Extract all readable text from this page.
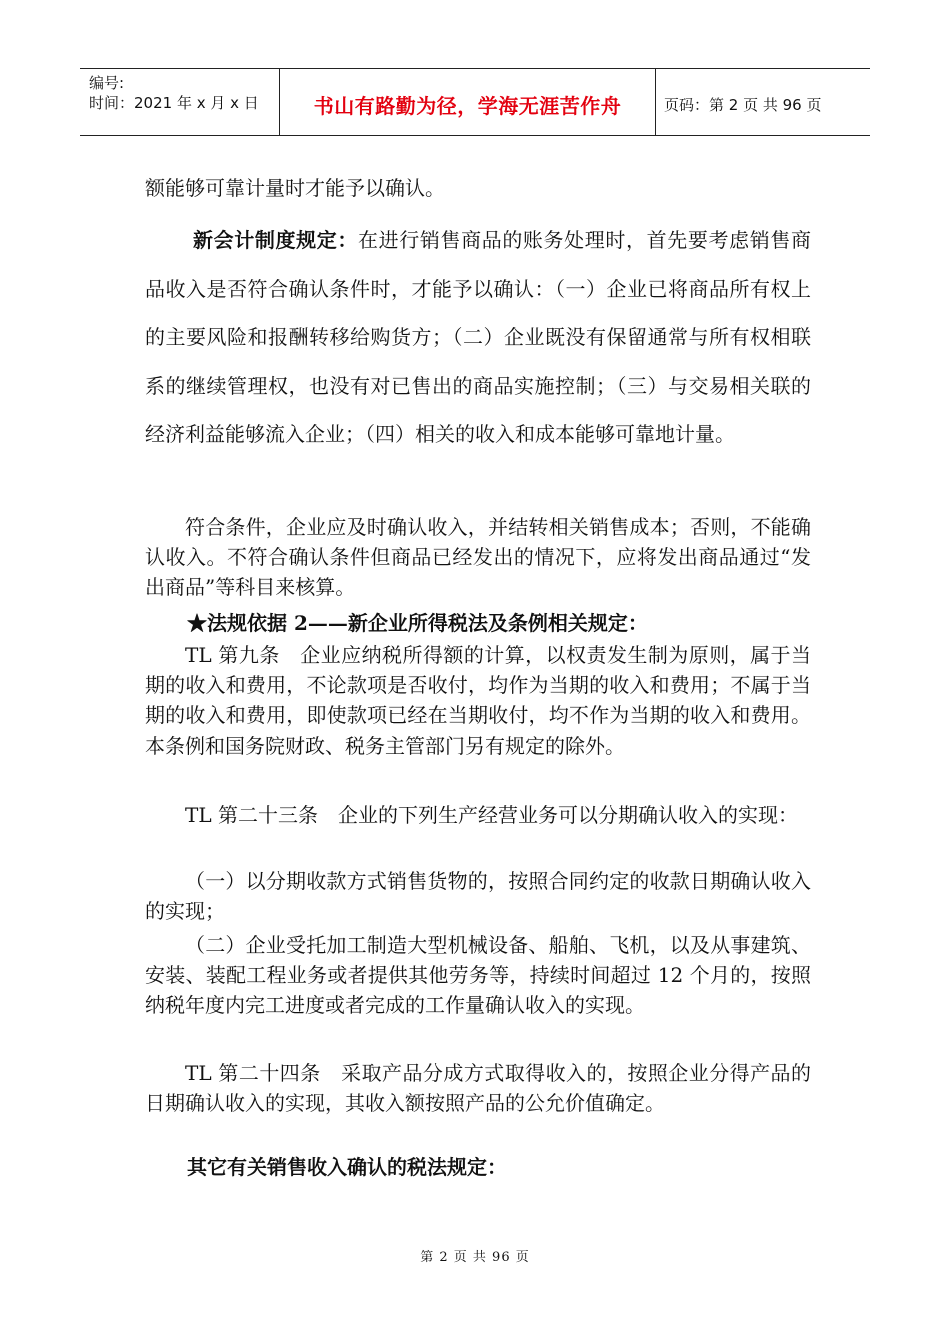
编号:
时间：2021 年 x 月 x 日	书山有路勤为径，学海无涯苦作舟	页码：第 2 页 共 96 页

额能够可靠计量时才能予以确认。

新会计制度规定：在进行销售商品的账务处理时，首先要考虑销售商品收入是否符合确认条件时，才能予以确认：（一）企业已将商品所有权上的主要风险和报酬转移给购货方；（二）企业既没有保留通常与所有权相联系的继续管理权，也没有对已售出的商品实施控制；（三）与交易相关联的经济利益能够流入企业；（四）相关的收入和成本能够可靠地计量。

符合条件，企业应及时确认收入，并结转相关销售成本；否则，不能确认收入。不符合确认条件但商品已经发出的情况下，应将发出商品通过“发出商品”等科目来核算。

★法规依据 2——新企业所得税法及条例相关规定：

TL 第九条　企业应纳税所得额的计算，以权责发生制为原则，属于当期的收入和费用，不论款项是否收付，均作为当期的收入和费用；不属于当期的收入和费用，即使款项已经在当期收付，均不作为当期的收入和费用。本条例和国务院财政、税务主管部门另有规定的除外。

TL 第二十三条　企业的下列生产经营业务可以分期确认收入的实现：

（一）以分期收款方式销售货物的，按照合同约定的收款日期确认收入的实现；

（二）企业受托加工制造大型机械设备、船舶、飞机，以及从事建筑、安装、装配工程业务或者提供其他劳务等，持续时间超过 12 个月的，按照纳税年度内完工进度或者完成的工作量确认收入的实现。

TL 第二十四条　采取产品分成方式取得收入的，按照企业分得产品的日期确认收入的实现，其收入额按照产品的公允价值确定。

其它有关销售收入确认的税法规定：

第 2 页 共 96 页
